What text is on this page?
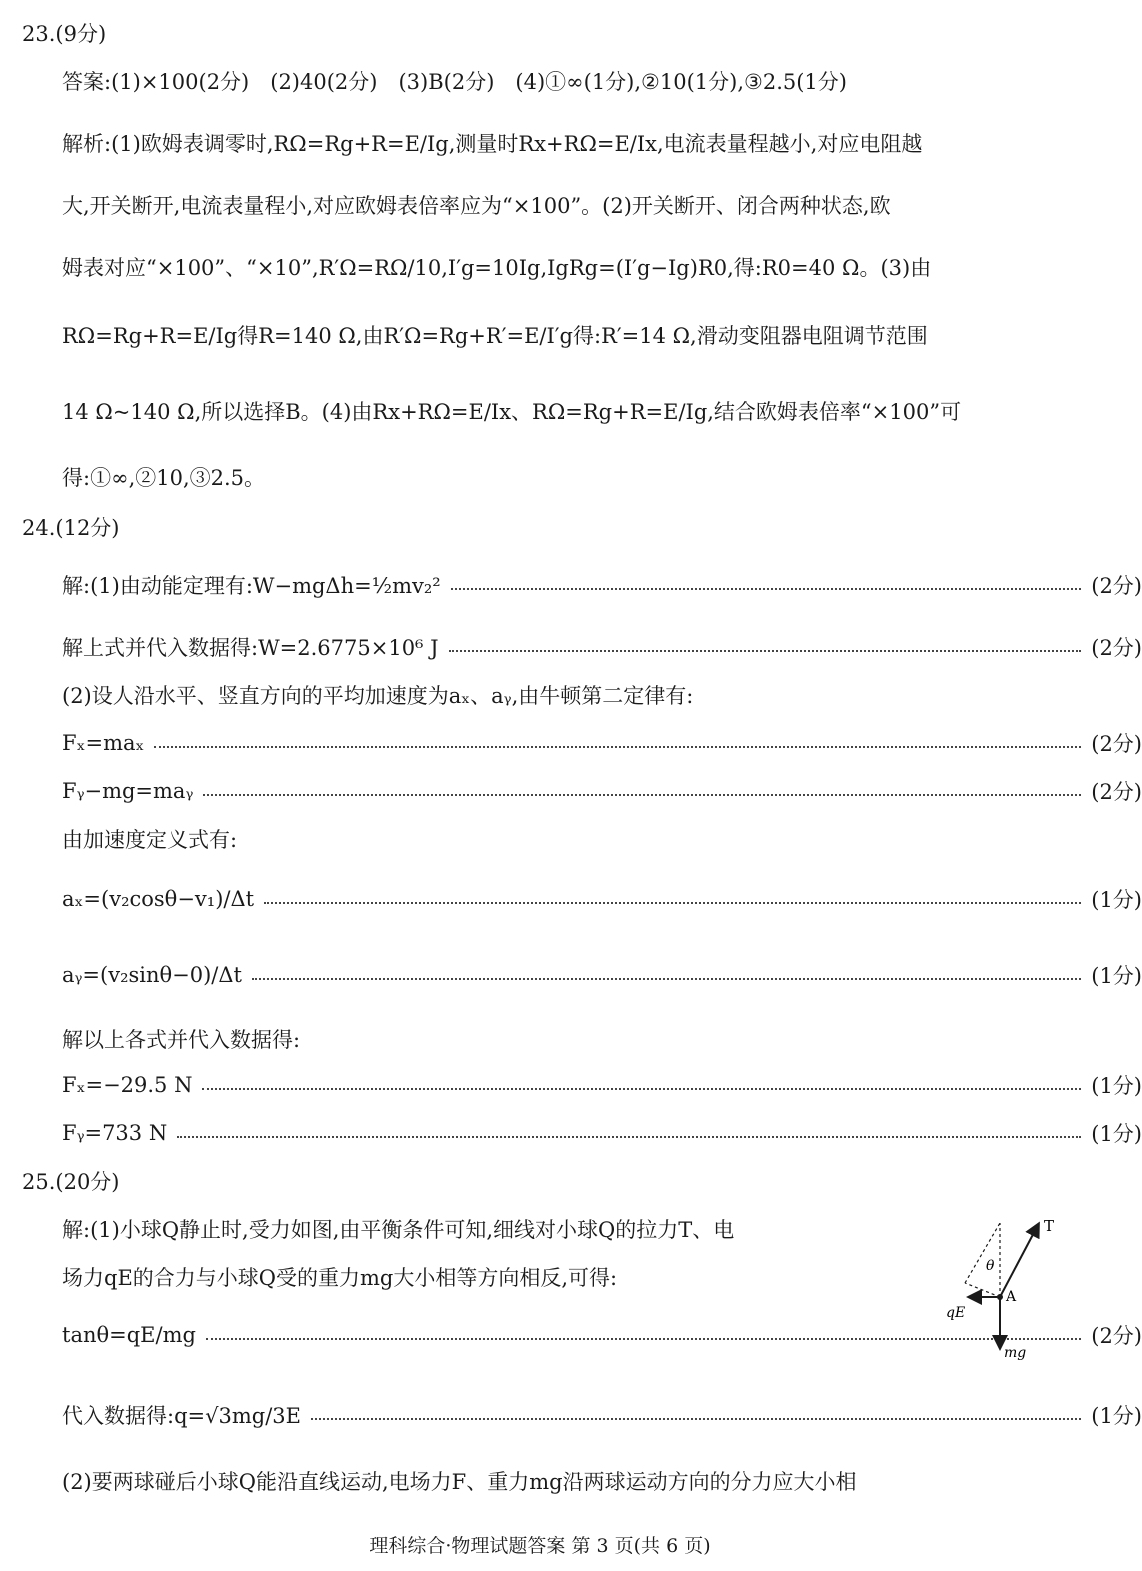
23.(9分)
答案:(1)×100(2分)　(2)40(2分)　(3)B(2分)　(4)①∞(1分),②10(1分),③2.5(1分)
解析:(1)欧姆表调零时,RΩ=Rg+R=E/Ig,测量时Rx+RΩ=E/Ix,电流表量程越小,对应电阻越
大,开关断开,电流表量程小,对应欧姆表倍率应为“×100”。(2)开关断开、闭合两种状态,欧
姆表对应“×100”、“×10”,R′Ω=RΩ/10,I′g=10Ig,IgRg=(I′g−Ig)R0,得:R0=40 Ω。(3)由
RΩ=Rg+R=E/Ig得R=140 Ω,由R′Ω=Rg+R′=E/I′g得:R′=14 Ω,滑动变阻器电阻调节范围
14 Ω~140 Ω,所以选择B。(4)由Rx+RΩ=E/Ix、RΩ=Rg+R=E/Ig,结合欧姆表倍率“×100”可
得:①∞,②10,③2.5。
24.(12分)
解:(1)由动能定理有:W−mgΔh=½mv₂²	(2分)
解上式并代入数据得:W=2.6775×10⁶ J	(2分)
(2)设人沿水平、竖直方向的平均加速度为aₓ、aᵧ,由牛顿第二定律有:
Fₓ=maₓ	(2分)
Fᵧ−mg=maᵧ	(2分)
由加速度定义式有:
aₓ=(v₂cosθ−v₁)/Δt	(1分)
aᵧ=(v₂sinθ−0)/Δt	(1分)
解以上各式并代入数据得:
Fₓ=−29.5 N	(1分)
Fᵧ=733 N	(1分)
25.(20分)
解:(1)小球Q静止时,受力如图,由平衡条件可知,细线对小球Q的拉力T、电
场力qE的合力与小球Q受的重力mg大小相等方向相反,可得:
tanθ=qE/mg	(2分)
代入数据得:q=√3mg/3E	(1分)
(2)要两球碰后小球Q能沿直线运动,电场力F、重力mg沿两球运动方向的分力应大小相
T
θ
A
qE
mg
理科综合·物理试题答案 第 3 页(共 6 页)
